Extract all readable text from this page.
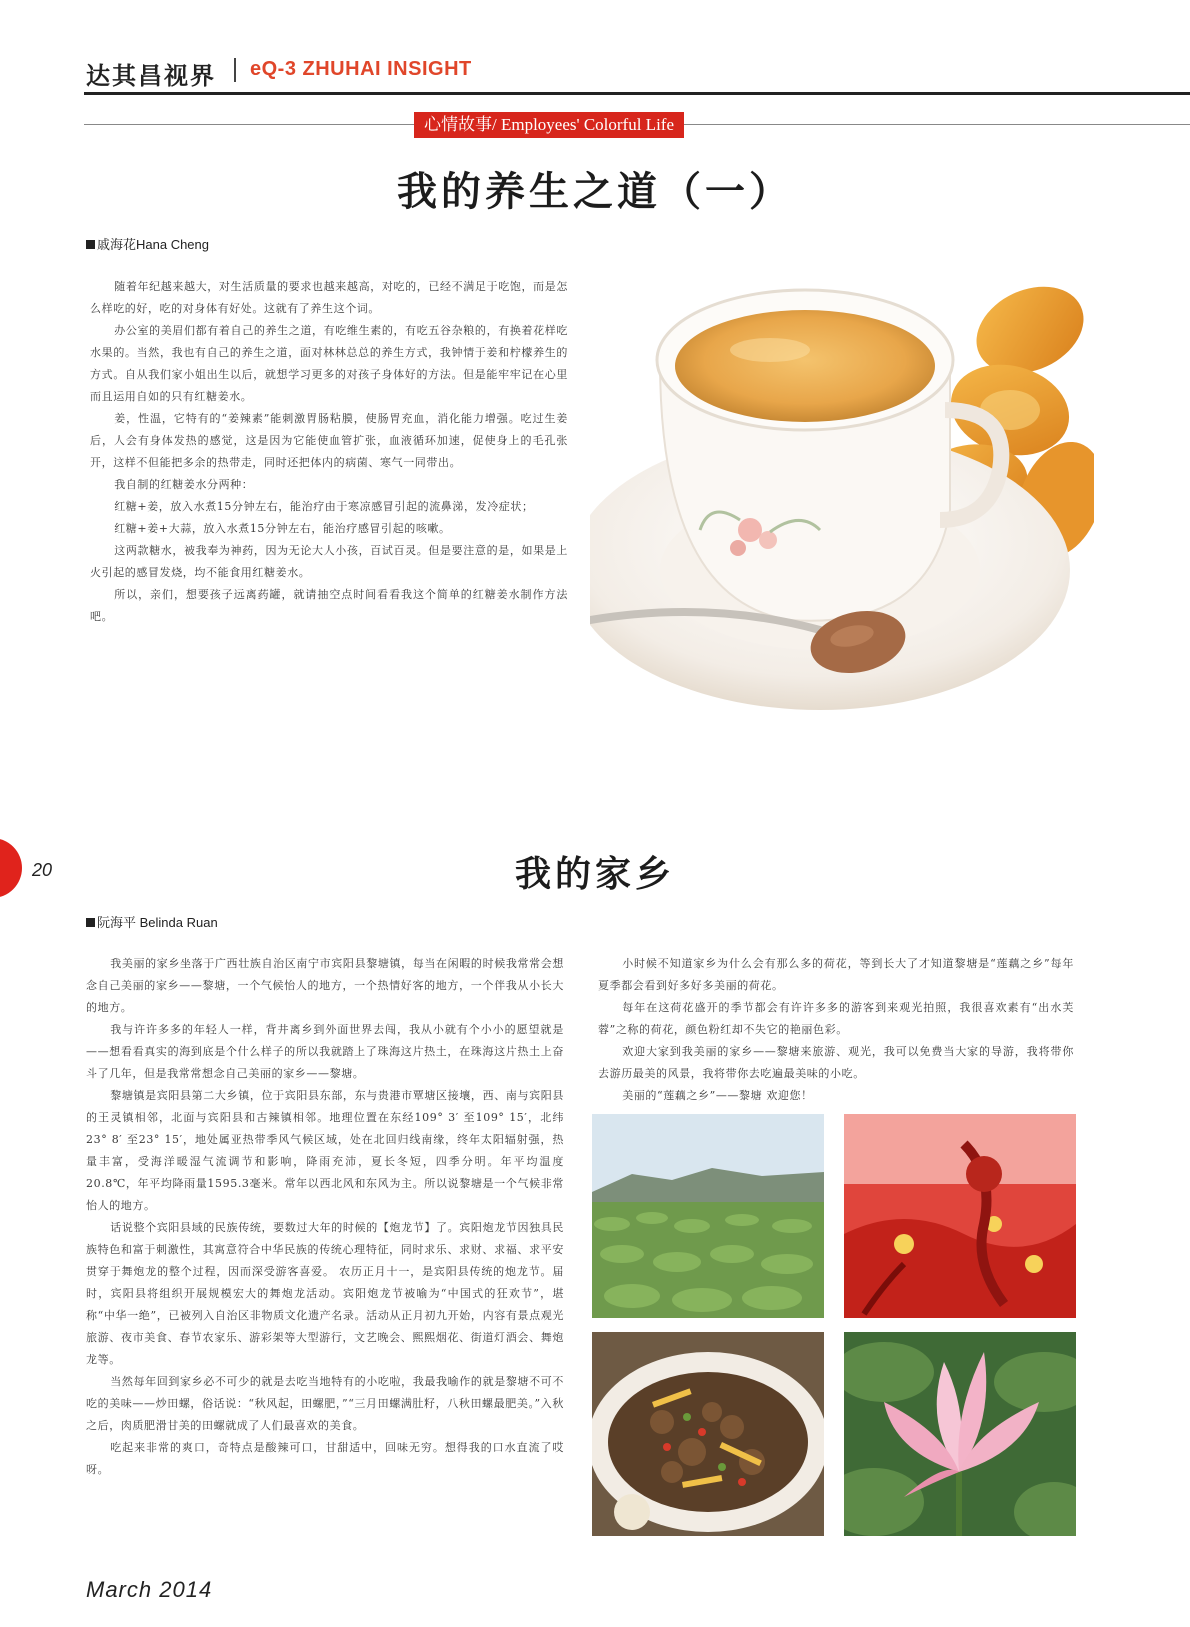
达其昌视界 eQ-3 ZHUHAI INSIGHT
心情故事/ Employees' Colorful Life
我的养生之道（一）
戚海花Hana Cheng

随着年纪越来越大，对生活质量的要求也越来越高，对吃的，已经不满足于吃饱，而是怎么样吃的好，吃的对身体有好处。这就有了养生这个词。

办公室的美眉们都有着自己的养生之道，有吃维生素的，有吃五谷杂粮的，有换着花样吃水果的。当然，我也有自己的养生之道，面对林林总总的养生方式，我钟情于姜和柠檬养生的方式。自从我们家小姐出生以后，就想学习更多的对孩子身体好的方法。但是能牢牢记在心里而且运用自如的只有红糖姜水。

姜，性温，它特有的“姜辣素”能刺激胃肠粘膜，使肠胃充血，消化能力增强。吃过生姜后，人会有身体发热的感觉，这是因为它能使血管扩张，血液循环加速，促使身上的毛孔张开，这样不但能把多余的热带走，同时还把体内的病菌、寒气一同带出。

我自制的红糖姜水分两种：

红糖+姜，放入水煮15分钟左右，能治疗由于寒凉感冒引起的流鼻涕，发冷症状；

红糖+姜+大蒜，放入水煮15分钟左右，能治疗感冒引起的咳嗽。

这两款糖水，被我奉为神药，因为无论大人小孩，百试百灵。但是要注意的是，如果是上火引起的感冒发烧，均不能食用红糖姜水。

所以，亲们，想要孩子远离药罐，就请抽空点时间看看我这个简单的红糖姜水制作方法吧。

20	我的家乡
阮海平 Belinda Ruan

我美丽的家乡坐落于广西壮族自治区南宁市宾阳县黎塘镇，每当在闲暇的时候我常常会想念自己美丽的家乡——黎塘，一个气候怡人的地方，一个热情好客的地方，一个伴我从小长大的地方。

我与许许多多的年轻人一样，背井离乡到外面世界去闯，我从小就有个小小的愿望就是——想看看真实的海到底是个什么样子的所以我就踏上了珠海这片热土，在珠海这片热土上奋斗了几年，但是我常常想念自己美丽的家乡——黎塘。

黎塘镇是宾阳县第二大乡镇，位于宾阳县东部，东与贵港市覃塘区接壤，西、南与宾阳县的王灵镇相邻，北面与宾阳县和古辣镇相邻。地理位置在东经109° 3′ 至109° 15′，北纬23° 8′ 至23° 15′，地处属亚热带季风气候区域，处在北回归线南缘，终年太阳辐射强，热量丰富，受海洋暖湿气流调节和影响，降雨充沛，夏长冬短，四季分明。年平均温度20.8℃，年平均降雨量1595.3毫米。常年以西北风和东风为主。所以说黎塘是一个气候非常怡人的地方。

话说整个宾阳县域的民族传统，要数过大年的时候的【炮龙节】了。宾阳炮龙节因独具民族特色和富于刺激性，其寓意符合中华民族的传统心理特征，同时求乐、求财、求福、求平安贯穿于舞炮龙的整个过程，因而深受游客喜爱。 农历正月十一，是宾阳县传统的炮龙节。届时，宾阳县将组织开展规模宏大的舞炮龙活动。宾阳炮龙节被喻为“中国式的狂欢节”，堪称“中华一绝”，已被列入自治区非物质文化遗产名录。活动从正月初九开始，内容有景点观光旅游、夜市美食、春节农家乐、游彩架等大型游行，文艺晚会、熙熙烟花、街道灯酒会、舞炮龙等。

当然每年回到家乡必不可少的就是去吃当地特有的小吃啦，我最我喻作的就是黎塘不可不吃的美味——炒田螺，俗话说：“秋风起，田螺肥，”“三月田螺满肚籽，八秋田螺最肥美。”入秋之后，肉质肥滑甘美的田螺就成了人们最喜欢的美食。

吃起来非常的爽口，奇特点是酸辣可口，甘甜适中，回味无穷。想得我的口水直流了哎呀。

小时候不知道家乡为什么会有那么多的荷花，等到长大了才知道黎塘是“莲藕之乡”每年夏季都会看到好多好多美丽的荷花。

每年在这荷花盛开的季节都会有许许多多的游客到来观光拍照，我很喜欢素有“出水芙蓉”之称的荷花，颜色粉红却不失它的艳丽色彩。

欢迎大家到我美丽的家乡——黎塘来旅游、观光，我可以免费当大家的导游，我将带你去游历最美的风景，我将带你去吃遍最美味的小吃。

美丽的“莲藕之乡”——黎塘 欢迎您！

March 2014
